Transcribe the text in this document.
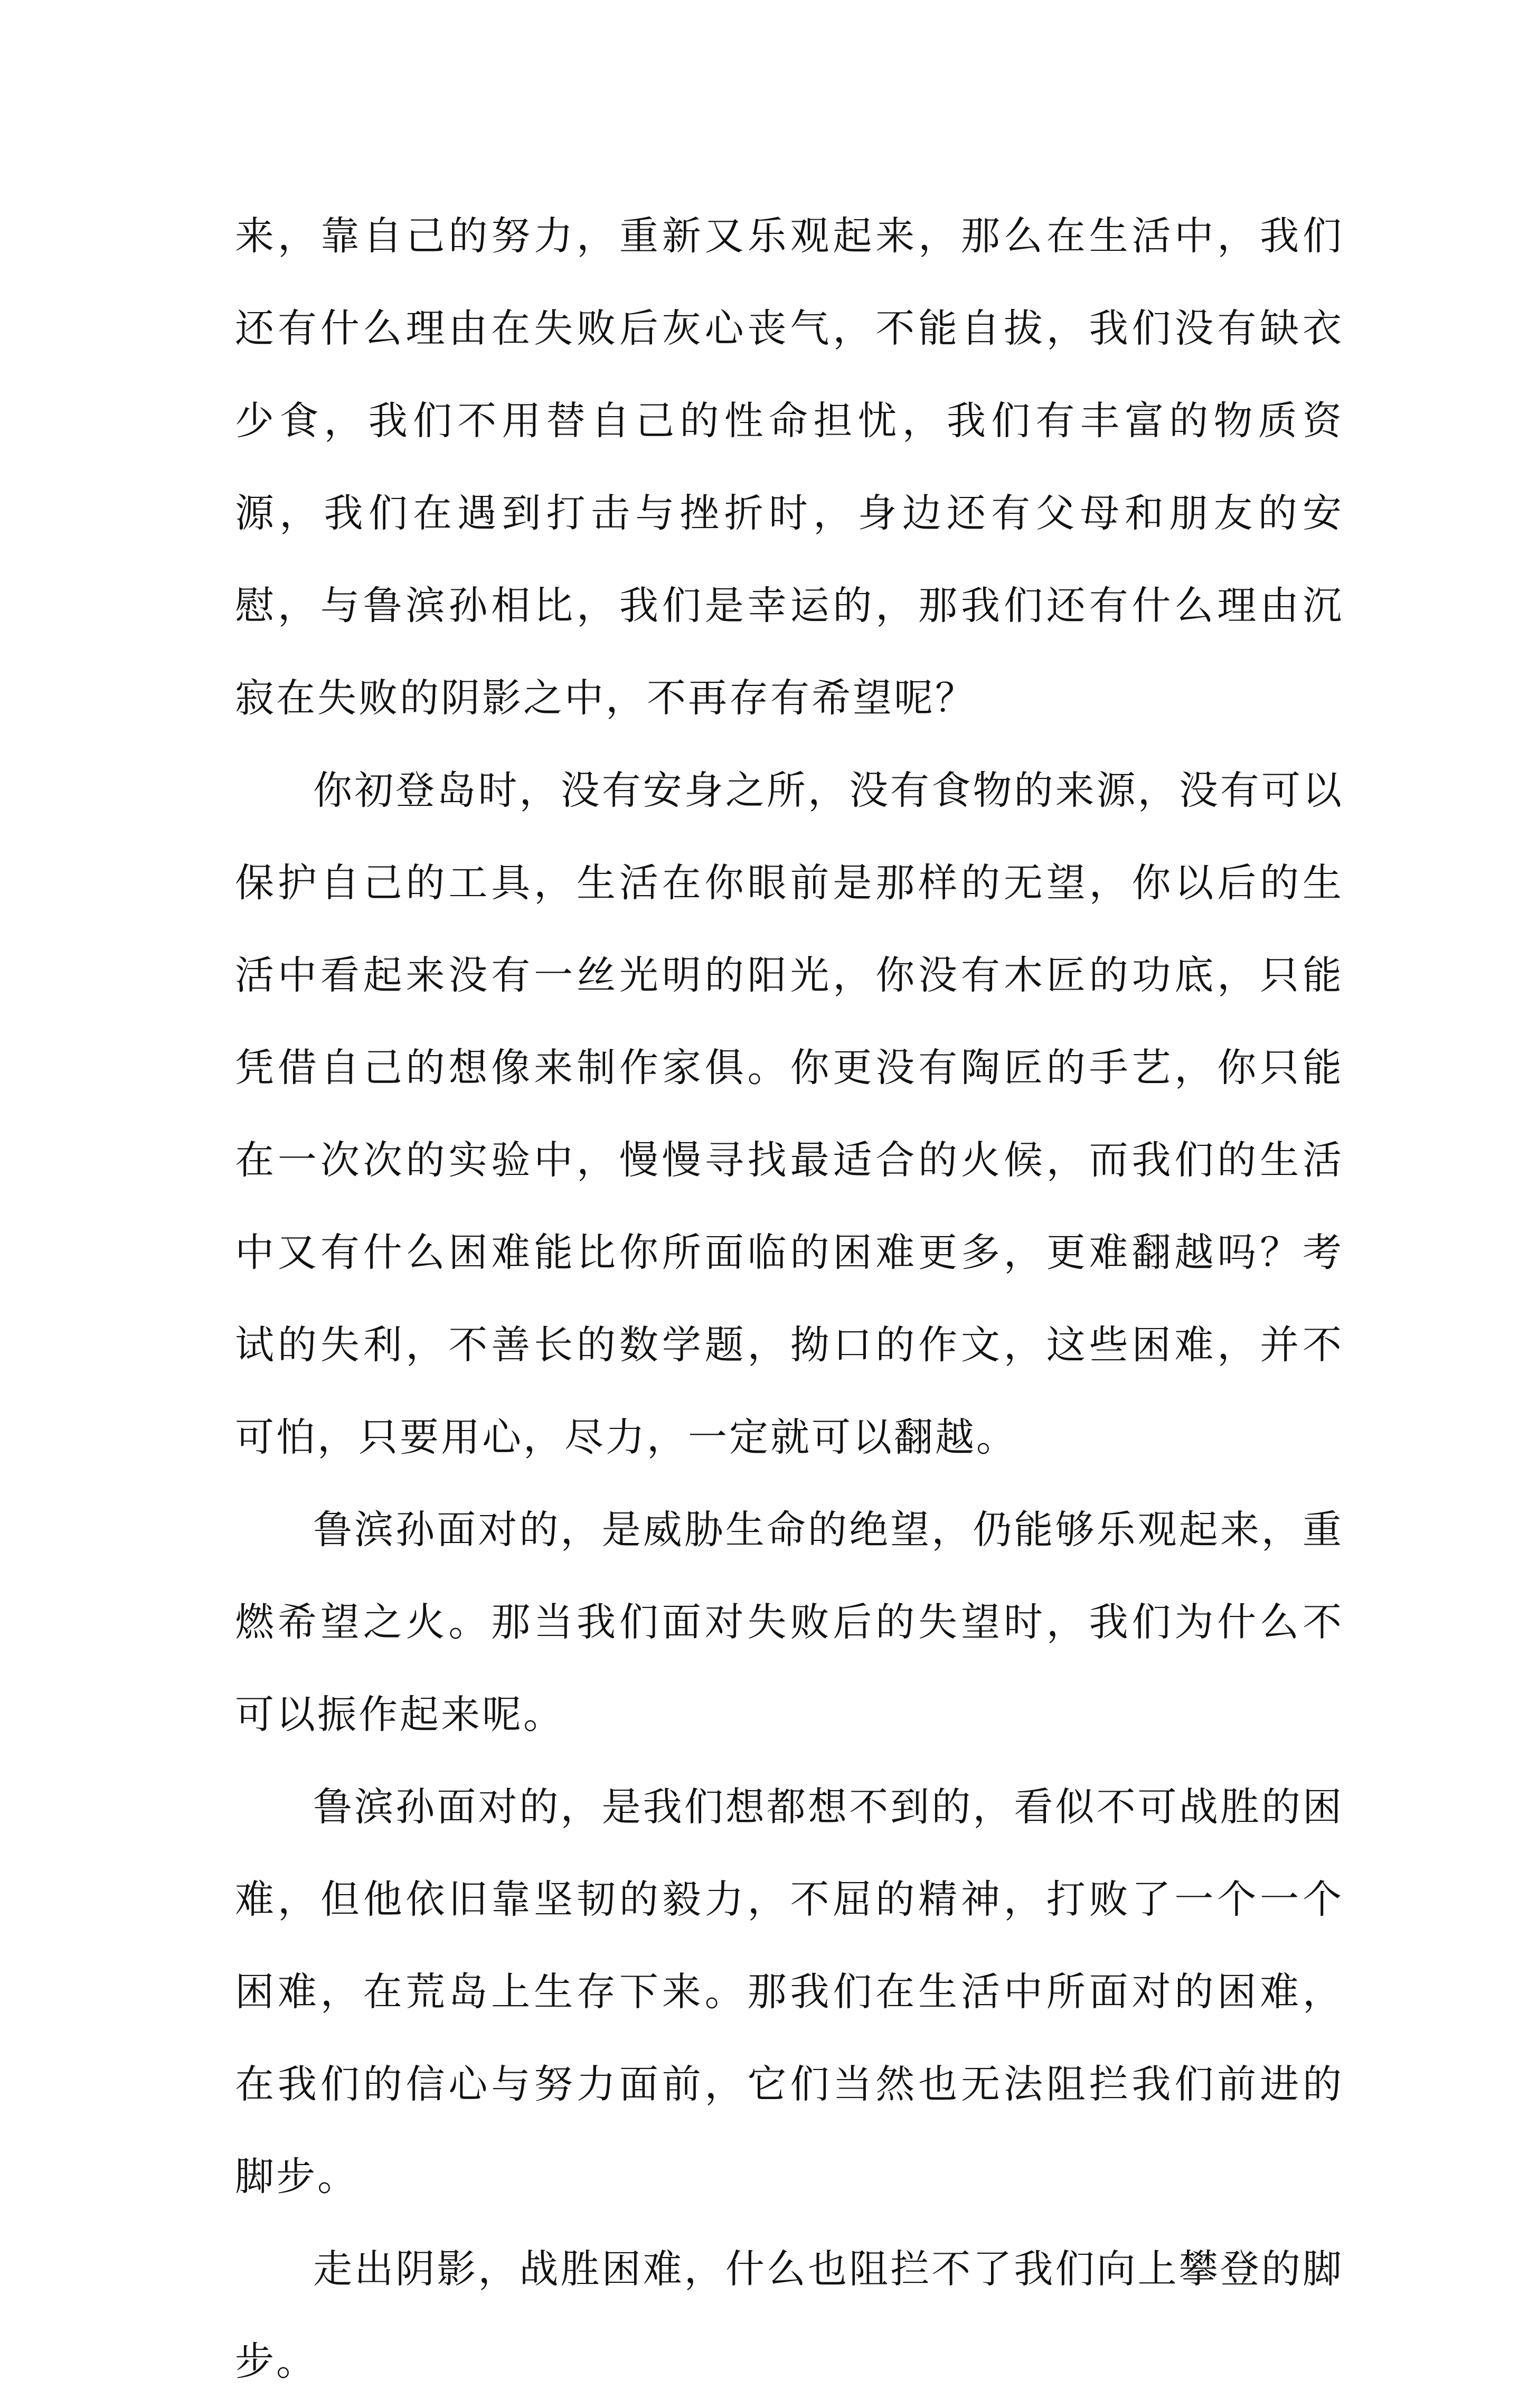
来，靠自己的努力，重新又乐观起来，那么在生活中，我们还有什么理由在失败后灰心丧气，不能自拔，我们没有缺衣少食，我们不用替自己的性命担忧，我们有丰富的物质资源，我们在遇到打击与挫折时，身边还有父母和朋友的安慰，与鲁滨孙相比，我们是幸运的，那我们还有什么理由沉寂在失败的阴影之中，不再存有希望呢？

你初登岛时，没有安身之所，没有食物的来源，没有可以保护自己的工具，生活在你眼前是那样的无望，你以后的生活中看起来没有一丝光明的阳光，你没有木匠的功底，只能凭借自己的想像来制作家俱。你更没有陶匠的手艺，你只能在一次次的实验中，慢慢寻找最适合的火候，而我们的生活中又有什么困难能比你所面临的困难更多，更难翻越吗？考试的失利，不善长的数学题，拗口的作文，这些困难，并不可怕，只要用心，尽力，一定就可以翻越。

鲁滨孙面对的，是威胁生命的绝望，仍能够乐观起来，重燃希望之火。那当我们面对失败后的失望时，我们为什么不可以振作起来呢。

鲁滨孙面对的，是我们想都想不到的，看似不可战胜的困难，但他依旧靠坚韧的毅力，不屈的精神，打败了一个一个困难，在荒岛上生存下来。那我们在生活中所面对的困难，在我们的信心与努力面前，它们当然也无法阻拦我们前进的脚步。

走出阴影，战胜困难，什么也阻拦不了我们向上攀登的脚步。
